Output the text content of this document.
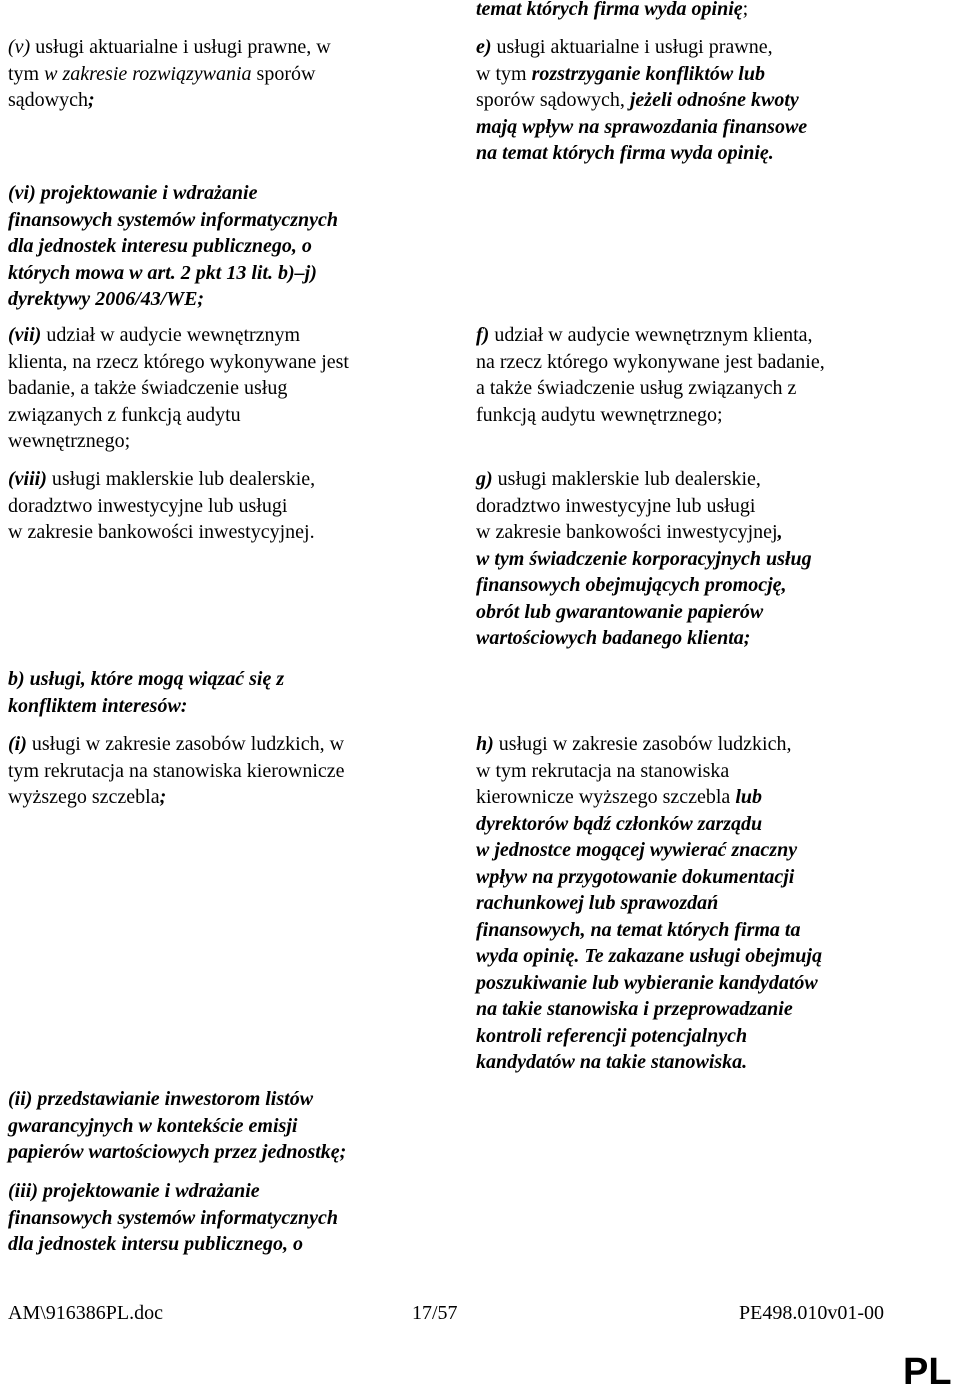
(v) usługi aktuarialne i usługi prawne, w
tym w zakresie rozwiązywania sporów
sądowych;

(vi) projektowanie i wdrażanie
finansowych systemów informatycznych
dla jednostek interesu publicznego, o
których mowa w art. 2 pkt 13 lit. b)–j)
dyrektywy 2006/43/WE;

(vii) udział w audycie wewnętrznym
klienta, na rzecz którego wykonywane jest
badanie, a także świadczenie usług
związanych z funkcją audytu
wewnętrznego;

(viii) usługi maklerskie lub dealerskie,
doradztwo inwestycyjne lub usługi
w zakresie bankowości inwestycyjnej.

b) usługi, które mogą wiązać się z
konfliktem interesów:

(i) usługi w zakresie zasobów ludzkich, w
tym rekrutacja na stanowiska kierownicze
wyższego szczebla;

(ii) przedstawianie inwestorom listów
gwarancyjnych w kontekście emisji
papierów wartościowych przez jednostkę;

(iii) projektowanie i wdrażanie
finansowych systemów informatycznych
dla jednostek intersu publicznego, o

temat których firma wyda opinię;

e) usługi aktuarialne i usługi prawne,
w tym rozstrzyganie konfliktów lub
sporów sądowych, jeżeli odnośne kwoty
mają wpływ na sprawozdania finansowe
na temat których firma wyda opinię.

f) udział w audycie wewnętrznym klienta,
na rzecz którego wykonywane jest badanie,
a także świadczenie usług związanych z
funkcją audytu wewnętrznego;

g) usługi maklerskie lub dealerskie,
doradztwo inwestycyjne lub usługi
w zakresie bankowości inwestycyjnej,
w tym świadczenie korporacyjnych usług
finansowych obejmujących promocję,
obrót lub gwarantowanie papierów
wartościowych badanego klienta;

h) usługi w zakresie zasobów ludzkich,
w tym rekrutacja na stanowiska
kierownicze wyższego szczebla lub
dyrektorów bądź członków zarządu
w jednostce mogącej wywierać znaczny
wpływ na przygotowanie dokumentacji
rachunkowej lub sprawozdań
finansowych, na temat których firma ta
wyda opinię. Te zakazane usługi obejmują
poszukiwanie lub wybieranie kandydatów
na takie stanowiska i przeprowadzanie
kontroli referencji potencjalnych
kandydatów na takie stanowiska.

AM\916386PL.doc	17/57	PE498.010v01-00
PL
